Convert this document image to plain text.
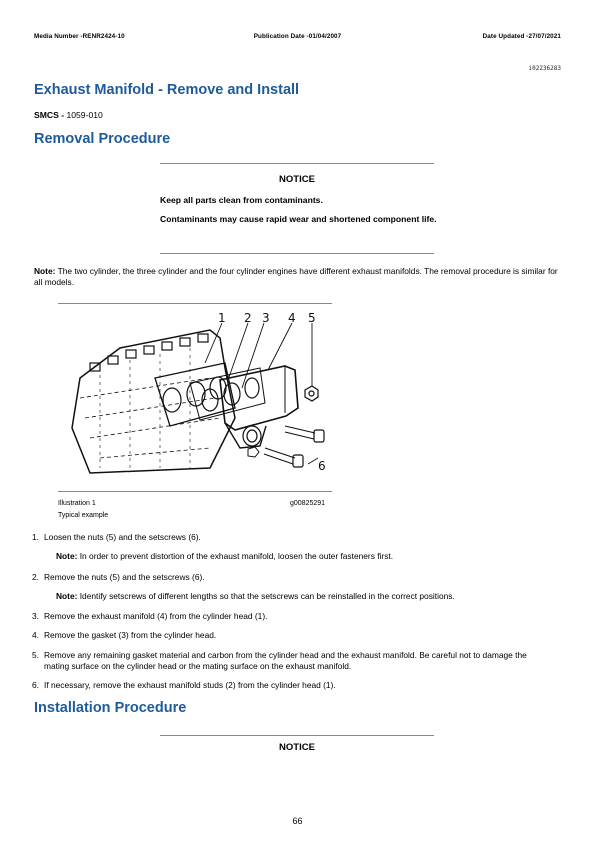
Media Number -RENR2424-10	Publication Date -01/04/2007	Date Updated -27/07/2021
i02236283
Exhaust Manifold - Remove and Install
SMCS - 1059-010
Removal Procedure
NOTICE
Keep all parts clean from contaminants.
Contaminants may cause rapid wear and shortened component life.
Note: The two cylinder, the three cylinder and the four cylinder engines have different exhaust manifolds. The removal procedure is similar for all models.
1 2 3 4 5
6
Illustration 1	g00825291
Typical example
1. Loosen the nuts (5) and the setscrews (6).
Note: In order to prevent distortion of the exhaust manifold, loosen the outer fasteners first.
2. Remove the nuts (5) and the setscrews (6).
Note: Identify setscrews of different lengths so that the setscrews can be reinstalled in the correct positions.
3. Remove the exhaust manifold (4) from the cylinder head (1).
4. Remove the gasket (3) from the cylinder head.
5. Remove any remaining gasket material and carbon from the cylinder head and the exhaust manifold. Be careful not to damage the mating surface on the cylinder head or the mating surface on the exhaust manifold.
6. If necessary, remove the exhaust manifold studs (2) from the cylinder head (1).
Installation Procedure
NOTICE
66
